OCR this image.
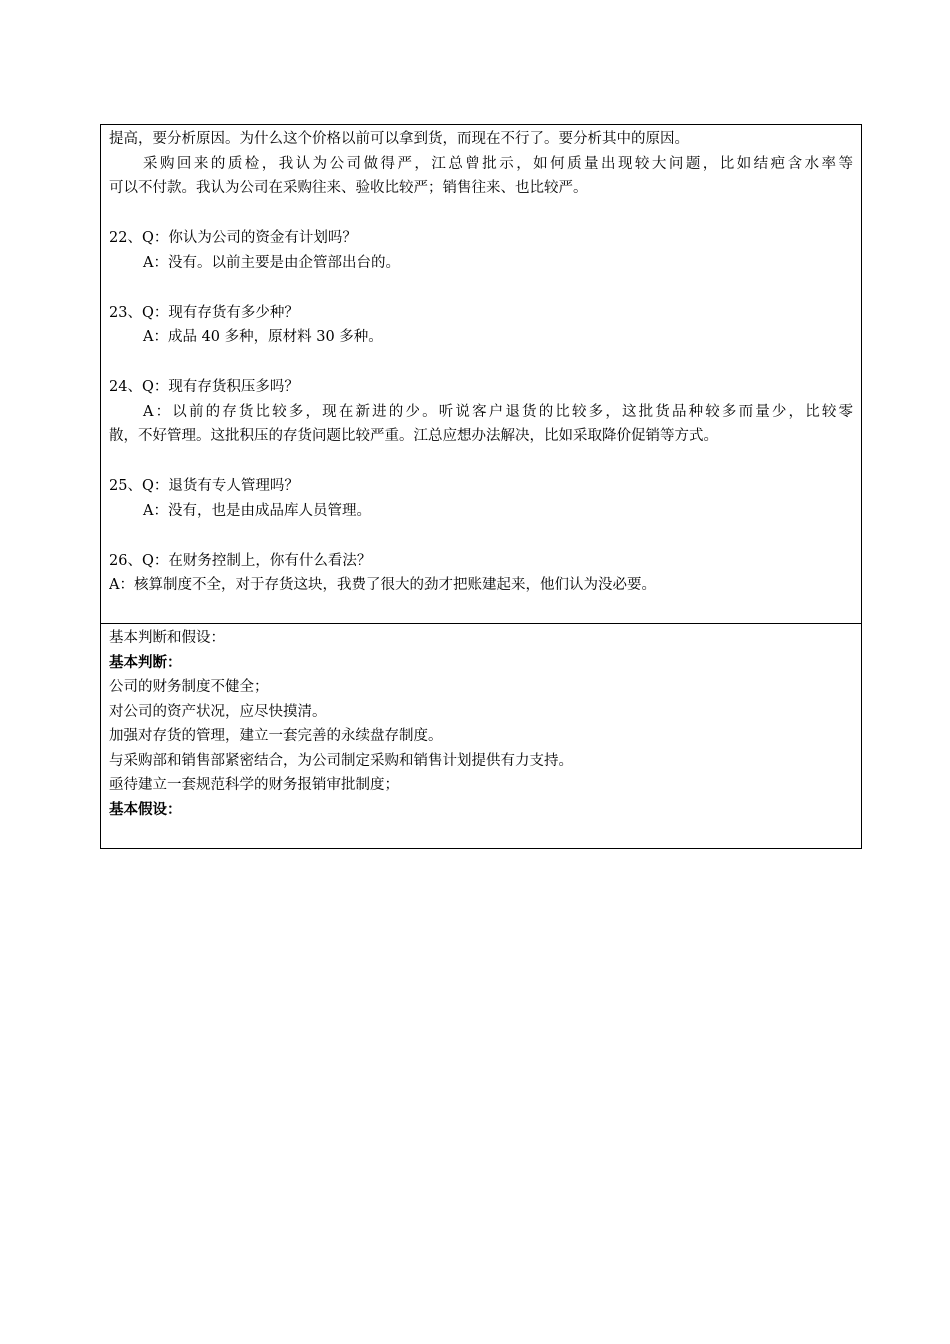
提高，要分析原因。为什么这个价格以前可以拿到货，而现在不行了。要分析其中的原因。
采购回来的质检，我认为公司做得严，江总曾批示，如何质量出现较大问题，比如结疤含水率等
可以不付款。我认为公司在采购往来、验收比较严；销售往来、也比较严。
22、Q：你认为公司的资金有计划吗？
A：没有。以前主要是由企管部出台的。
23、Q：现有存货有多少种？
A：成品 40 多种，原材料 30 多种。
24、Q：现有存货积压多吗？
A：以前的存货比较多，现在新进的少。听说客户退货的比较多，这批货品种较多而量少，比较零
散，不好管理。这批积压的存货问题比较严重。江总应想办法解决，比如采取降价促销等方式。
25、Q：退货有专人管理吗？
A：没有，也是由成品库人员管理。
26、Q：在财务控制上，你有什么看法？
A：核算制度不全，对于存货这块，我费了很大的劲才把账建起来，他们认为没必要。
基本判断和假设：
基本判断：
公司的财务制度不健全；
对公司的资产状况，应尽快摸清。
加强对存货的管理，建立一套完善的永续盘存制度。
与采购部和销售部紧密结合，为公司制定采购和销售计划提供有力支持。
亟待建立一套规范科学的财务报销审批制度；
基本假设：
